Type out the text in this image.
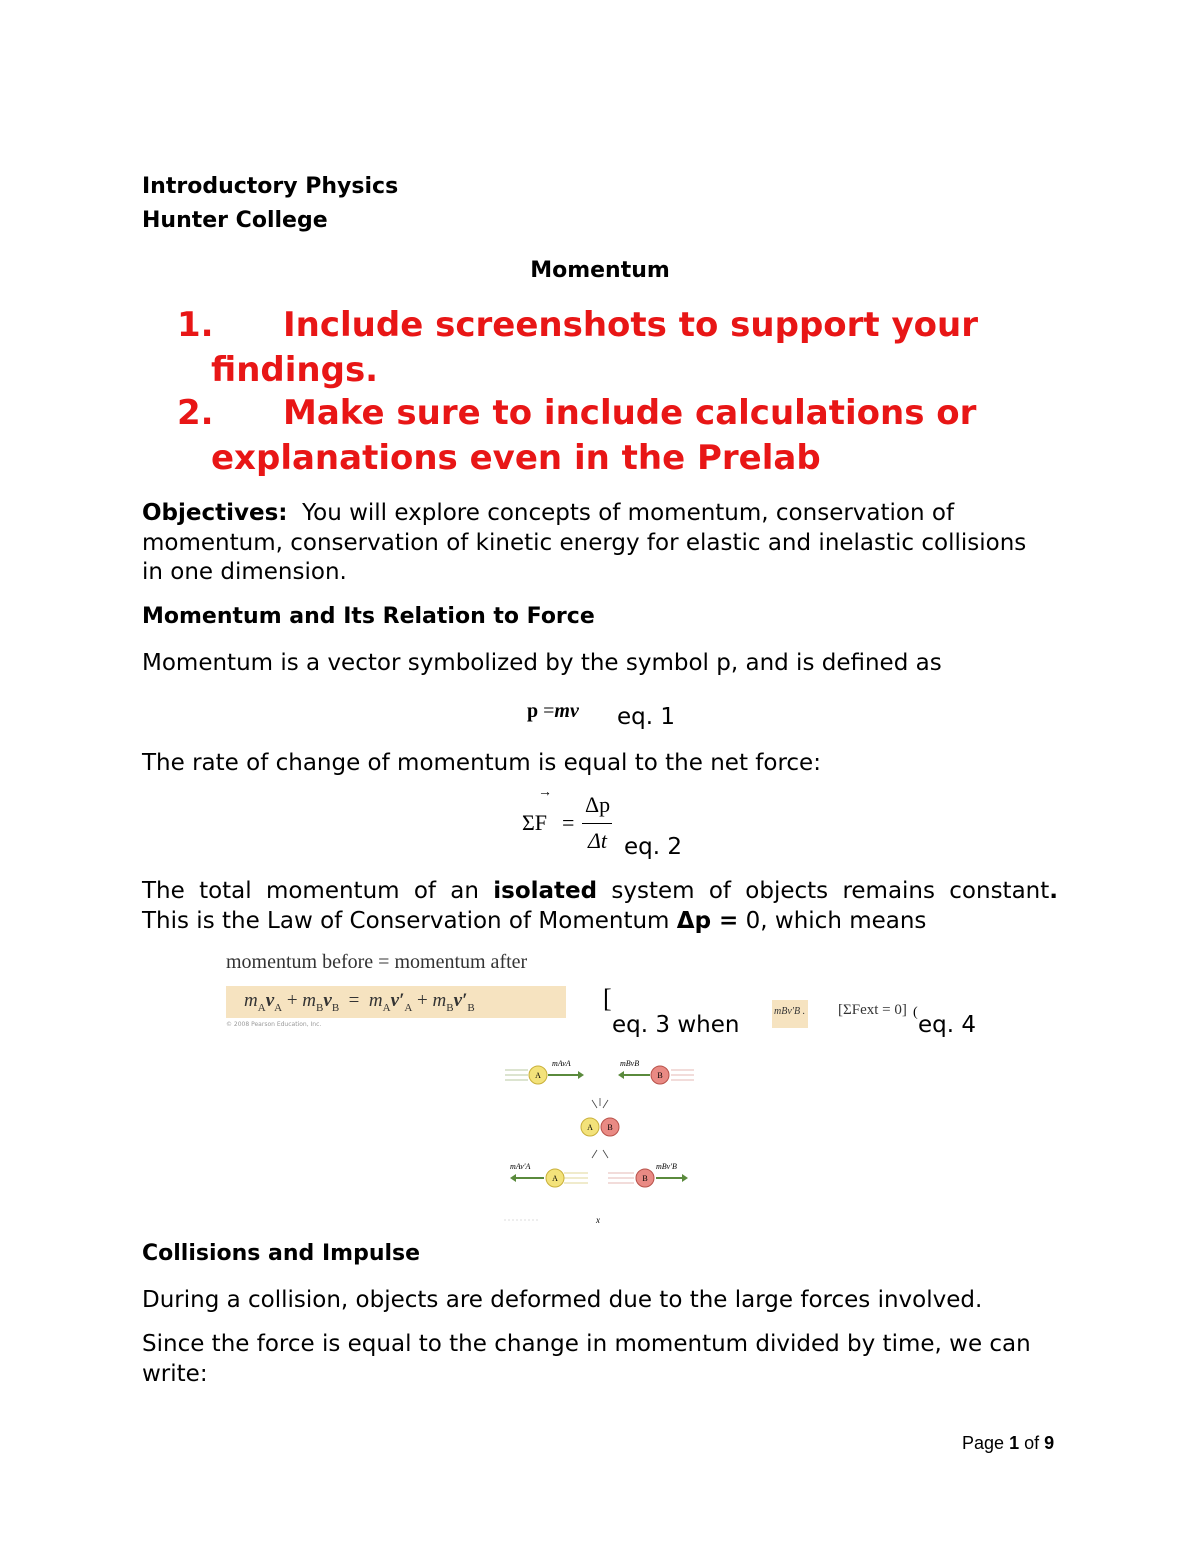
Introductory Physics
Hunter College
Momentum
1. Include screenshots to support your
findings.
2. Make sure to include calculations or
explanations even in the Prelab
Objectives: You will explore concepts of momentum, conservation of
momentum, conservation of kinetic energy for elastic and inelastic collisions
in one dimension.
Momentum and Its Relation to Force
Momentum is a vector symbolized by the symbol p, and is defined as
p =mv eq. 1
The rate of change of momentum is equal to the net force:
→
ΣF =
Δp
Δt eq. 2
The total momentum of an isolated system of objects remains constant.
This is the Law of Conservation of Momentum Δp = 0, which means
momentum before = momentum after
$m_Av_A + m_Bv_B = m_Av'_A + m_Bv'_B$
© 2008 Pearson Education, Inc.
[
eq. 3 when
mBv′B . [ΣFext = 0] ( eq. 4
A
mAvA	mBvB
B
A B
mAv′A
A	B
mBv′B
x
Collisions and Impulse
During a collision, objects are deformed due to the large forces involved.
Since the force is equal to the change in momentum divided by time, we can
write:
Page 1 of 9
